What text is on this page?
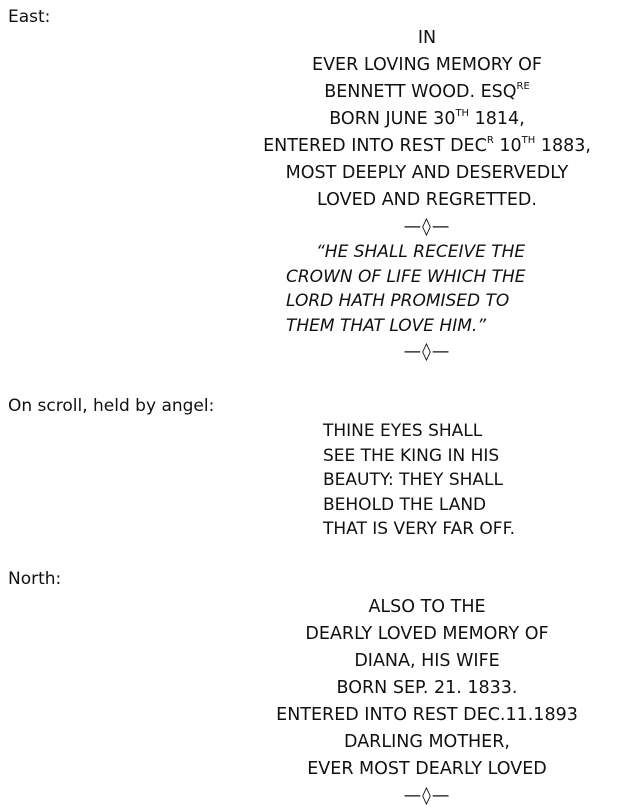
East:

IN
EVER LOVING MEMORY OF
BENNETT WOOD. $ESQ^{RE}$
BORN JUNE 30TH 1814,
ENTERED INTO REST $DEC^R$ 10TH 1883,
MOST DEEPLY AND DESERVEDLY
LOVED AND REGRETTED.
—◊—
“HE SHALL RECEIVE THE
CROWN OF LIFE WHICH THE
LORD HATH PROMISED TO
THEM THAT LOVE HIM.”
—◊—

On scroll, held by angel:

THINE EYES SHALL
SEE THE KING IN HIS
BEAUTY: THEY SHALL
BEHOLD THE LAND
THAT IS VERY FAR OFF.

North:

ALSO TO THE
DEARLY LOVED MEMORY OF
DIANA, HIS WIFE
BORN SEP. 21. 1833.
ENTERED INTO REST DEC.11.1893
DARLING MOTHER,
EVER MOST DEARLY LOVED
—◊—
